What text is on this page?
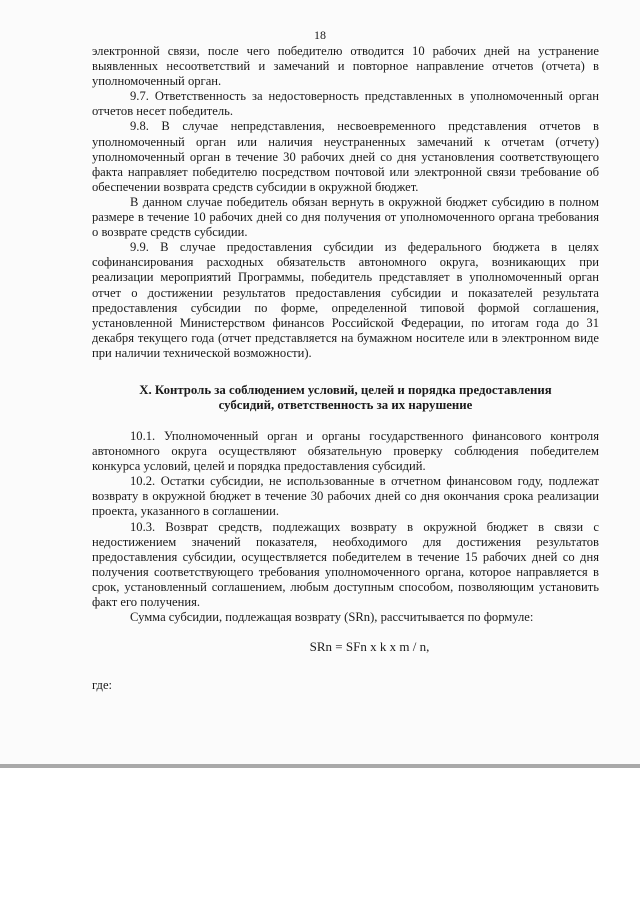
18

электронной связи, после чего победителю отводится 10 рабочих дней на устранение выявленных несоответствий и замечаний и повторное направление отчетов (отчета) в уполномоченный орган.

9.7. Ответственность за недостоверность представленных в уполномоченный орган отчетов несет победитель.

9.8. В случае непредставления, несвоевременного представления отчетов в уполномоченный орган или наличия неустраненных замечаний к отчетам (отчету) уполномоченный орган в течение 30 рабочих дней со дня установления соответствующего факта направляет победителю посредством почтовой или электронной связи требование об обеспечении возврата средств субсидии в окружной бюджет.

В данном случае победитель обязан вернуть в окружной бюджет субсидию в полном размере в течение 10 рабочих дней со дня получения от уполномоченного органа требования о возврате средств субсидии.

9.9. В случае предоставления субсидии из федерального бюджета в целях софинансирования расходных обязательств автономного округа, возникающих при реализации мероприятий Программы, победитель представляет в уполномоченный орган отчет о достижении результатов предоставления субсидии и показателей результата предоставления субсидии по форме, определенной типовой формой соглашения, установленной Министерством финансов Российской Федерации, по итогам года до 31 декабря текущего года (отчет представляется на бумажном носителе или в электронном виде при наличии технической возможности).

X. Контроль за соблюдением условий, целей и порядка предоставления
субсидий, ответственность за их нарушение

10.1. Уполномоченный орган и органы государственного финансового контроля автономного округа осуществляют обязательную проверку соблюдения победителем конкурса условий, целей и порядка предоставления субсидий.

10.2. Остатки субсидии, не использованные в отчетном финансовом году, подлежат возврату в окружной бюджет в течение 30 рабочих дней со дня окончания срока реализации проекта, указанного в соглашении.

10.3. Возврат средств, подлежащих возврату в окружной бюджет в связи с недостижением значений показателя, необходимого для достижения результатов предоставления субсидии, осуществляется победителем в течение 15 рабочих дней со дня получения соответствующего требования уполномоченного органа, которое направляется в срок, установленный соглашением, любым доступным способом, позволяющим установить факт его получения.

Сумма субсидии, подлежащая возврату (SRn), рассчитывается по формуле:

SRn = SFn x k x m / n,

где:
